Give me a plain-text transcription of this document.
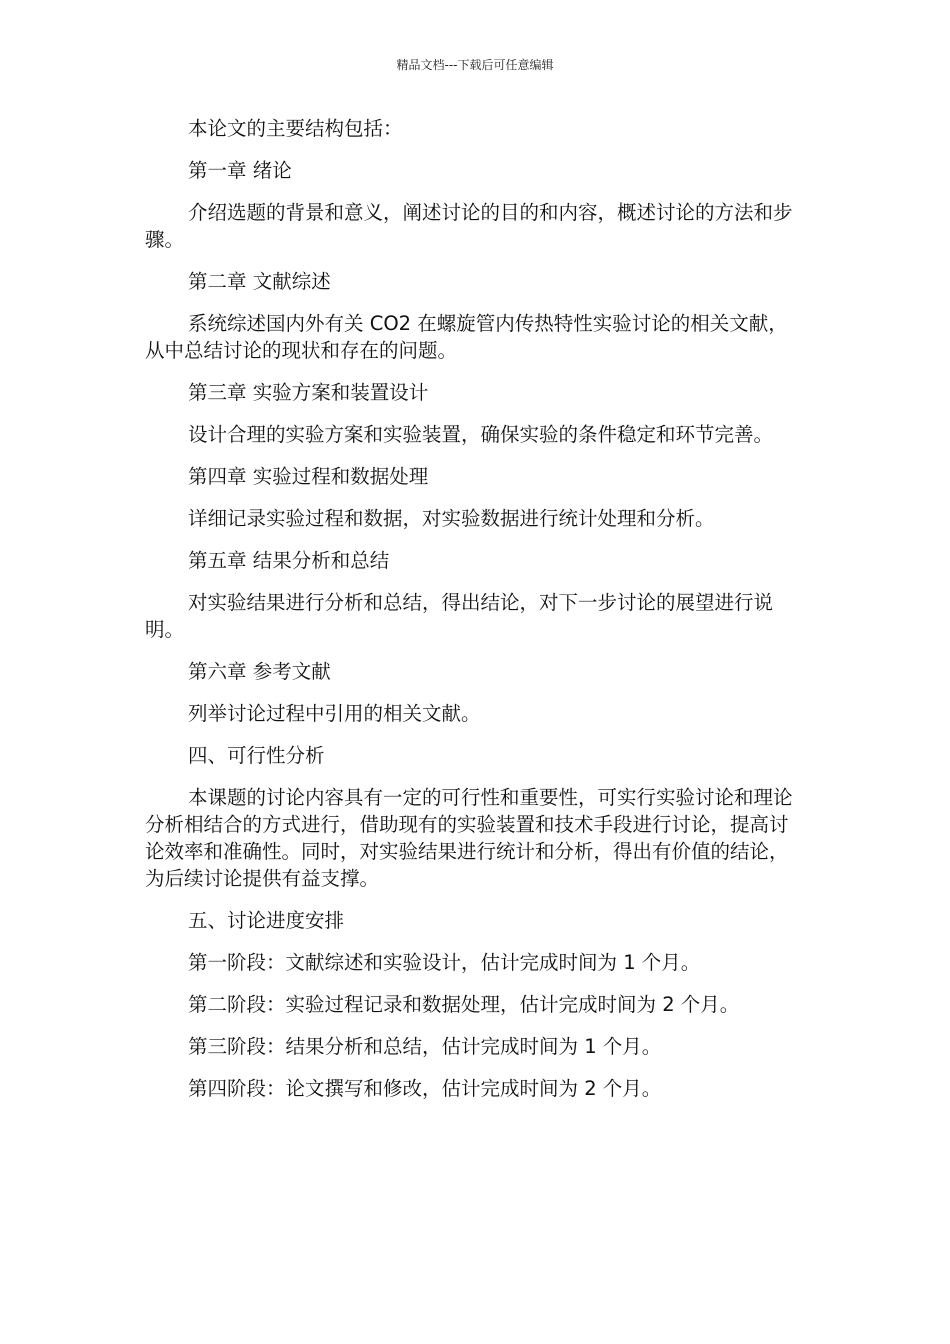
精品文档---下载后可任意编辑

本论文的主要结构包括：

第一章 绪论

介绍选题的背景和意义，阐述讨论的目的和内容，概述讨论的方法和步骤。

第二章 文献综述

系统综述国内外有关 CO2 在螺旋管内传热特性实验讨论的相关文献，从中总结讨论的现状和存在的问题。

第三章 实验方案和装置设计

设计合理的实验方案和实验装置，确保实验的条件稳定和环节完善。

第四章 实验过程和数据处理

详细记录实验过程和数据，对实验数据进行统计处理和分析。

第五章 结果分析和总结

对实验结果进行分析和总结，得出结论，对下一步讨论的展望进行说明。

第六章 参考文献

列举讨论过程中引用的相关文献。

四、可行性分析

本课题的讨论内容具有一定的可行性和重要性，可实行实验讨论和理论分析相结合的方式进行，借助现有的实验装置和技术手段进行讨论，提高讨论效率和准确性。同时，对实验结果进行统计和分析，得出有价值的结论，为后续讨论提供有益支撑。

五、讨论进度安排

第一阶段：文献综述和实验设计，估计完成时间为 1 个月。

第二阶段：实验过程记录和数据处理，估计完成时间为 2 个月。

第三阶段：结果分析和总结，估计完成时间为 1 个月。

第四阶段：论文撰写和修改，估计完成时间为 2 个月。
